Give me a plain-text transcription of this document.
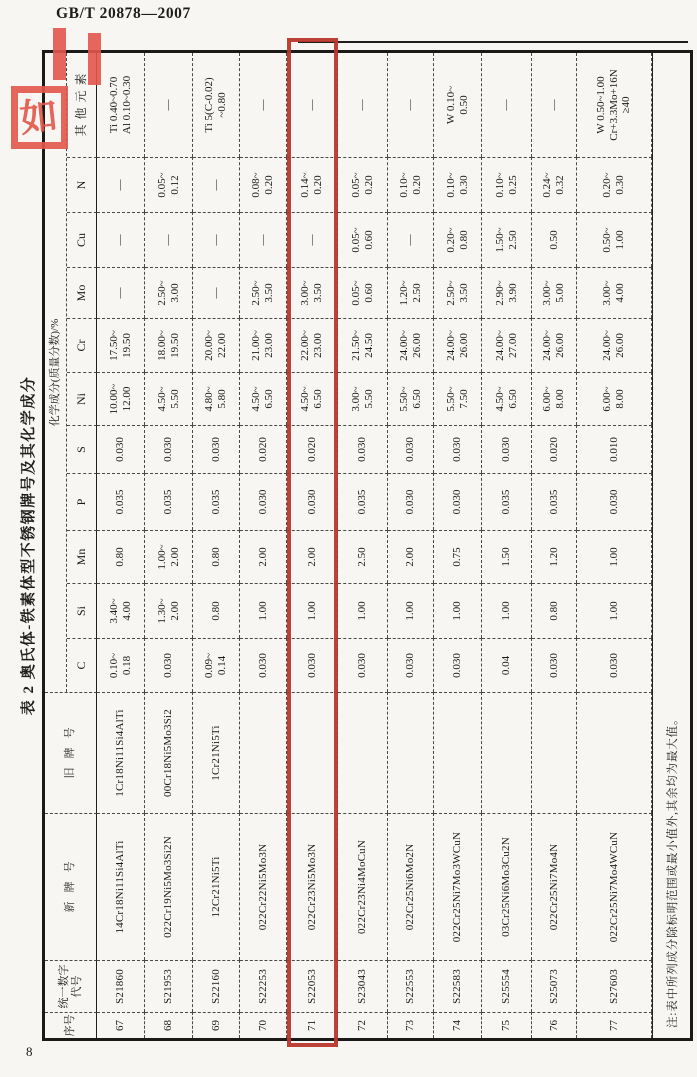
GB/T 20878—2007
如
表 2 奥氏体-铁素体型不锈钢牌号及其化学成分
序号
统一数字代号
新牌号
旧牌号
化学成分(质量分数)/%
C
Si
Mn
P
S
Ni
Cr
Mo
Cu
N
其他元素
67
S21860
14Cr18Ni11Si4AlTi
1Cr18Ni11Si4AlTi
0.10~ 0.18
3.40~ 4.00
0.80
0.035
0.030
10.00~ 12.00
17.50~ 19.50
—
—
—
Ti 0.40~0.70 Al 0.10~0.30
68
S21953
022Cr19Ni5Mo3Si2N
00Cr18Ni5Mo3Si2
0.030
1.30~ 2.00
1.00~ 2.00
0.035
0.030
4.50~ 5.50
18.00~ 19.50
2.50~ 3.00
—
0.05~ 0.12
—
69
S22160
12Cr21Ni5Ti
1Cr21Ni5Ti
0.09~ 0.14
0.80
0.80
0.035
0.030
4.80~ 5.80
20.00~ 22.00
—
—
—
Ti 5(C-0.02) ~0.80
70
S22253
022Cr22Ni5Mo3N
0.030
1.00
2.00
0.030
0.020
4.50~ 6.50
21.00~ 23.00
2.50~ 3.50
—
0.08~ 0.20
—
71
S22053
022Cr23Ni5Mo3N
0.030
1.00
2.00
0.030
0.020
4.50~ 6.50
22.00~ 23.00
3.00~ 3.50
—
0.14~ 0.20
—
72
S23043
022Cr23Ni4MoCuN
0.030
1.00
2.50
0.035
0.030
3.00~ 5.50
21.50~ 24.50
0.05~ 0.60
0.05~ 0.60
0.05~ 0.20
—
73
S22553
022Cr25Ni6Mo2N
0.030
1.00
2.00
0.030
0.030
5.50~ 6.50
24.00~ 26.00
1.20~ 2.50
—
0.10~ 0.20
—
74
S22583
022Cr25Ni7Mo3WCuN
0.030
1.00
0.75
0.030
0.030
5.50~ 7.50
24.00~ 26.00
2.50~ 3.50
0.20~ 0.80
0.10~ 0.30
W 0.10~ 0.50
75
S25554
03Cr25Ni6Mo3Cu2N
0.04
1.00
1.50
0.035
0.030
4.50~ 6.50
24.00~ 27.00
2.90~ 3.90
1.50~ 2.50
0.10~ 0.25
—
76
S25073
022Cr25Ni7Mo4N
0.030
0.80
1.20
0.035
0.020
6.00~ 8.00
24.00~ 26.00
3.00~ 5.00
0.50
0.24~ 0.32
—
77
S27603
022Cr25Ni7Mo4WCuN
0.030
1.00
1.00
0.030
0.010
6.00~ 8.00
24.00~ 26.00
3.00~ 4.00
0.50~ 1.00
0.20~ 0.30
W 0.50~1.00 Cr+3.3Mo+16N ≥40
注:表中所列成分除标明范围或最小值外,其余均为最大值。
8
